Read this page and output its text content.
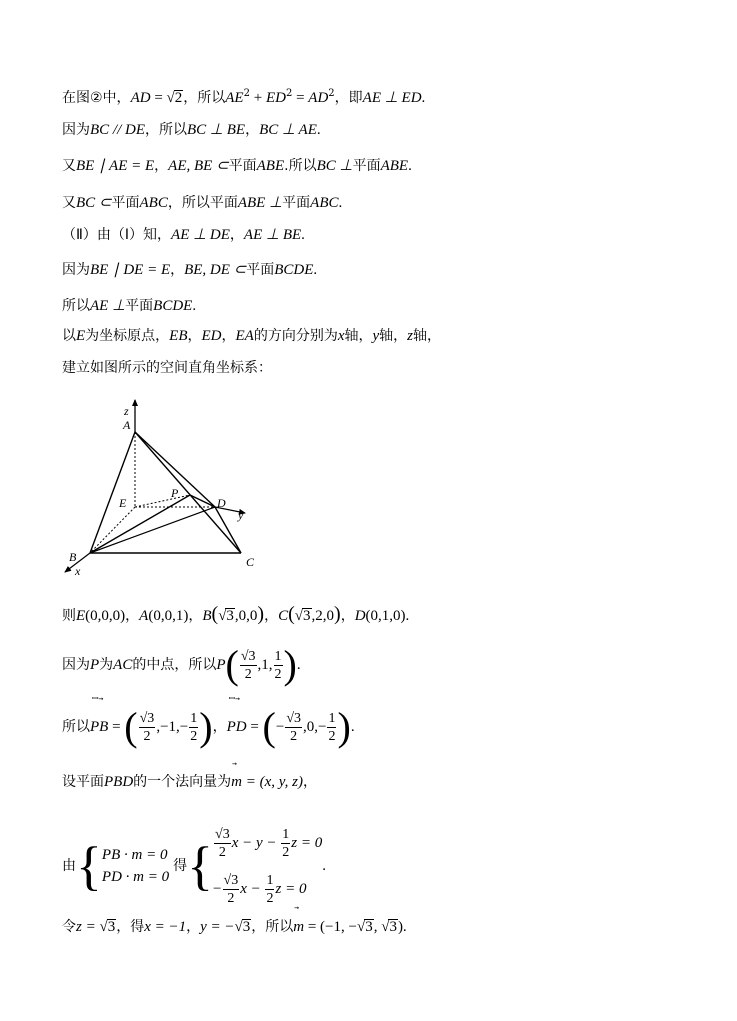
在图②中，AD = √2，所以$AE^2 + ED^2 = AD^2$，即AE ⊥ ED.
因为BC // DE，所以BC ⊥ BE，BC ⊥ AE.
又BE ∣ AE = E，AE, BE ⊂平面ABE.所以BC ⊥平面ABE.
又BC ⊂平面ABC，所以平面ABE ⊥平面ABC.
（Ⅱ）由（Ⅰ）知，AE ⊥ DE，AE ⊥ BE.
因为BE ∣ DE = E，BE, DE ⊂平面BCDE.
所以AE ⊥平面BCDE.
以E为坐标原点，EB，ED，EA的方向分别为x轴，y轴，z轴，
建立如图所示的空间直角坐标系：
z
A
E
P
D
y
B
x
C
则E(0,0,0)，A(0,0,1)，B(√3,0,0)，C(√3,2,0)，D(0,1,0).
因为P为AC的中点，所以$P( \frac{√3}{2} ,1$, $\frac{1}{2}$ ).
所以
ꟷ→
PB = ( $\frac{√3}{2} ,-1,- \frac{1}{2}$ )，
ꟷ→
PD = (− $\frac{√3}{2} ,0,- \frac{1}{2}$ ).
设平面PBD的一个法向量为
→
m = (x, y, z)，
由{ PB · m = 0
PD · m = 0
得{ $\frac{√3}{2}$ $x - y - \frac{1}{2}$ z = 0
− $\frac{√3}{2}$ $x - \frac{1}{2}$ z = 0
.
令z = √3，得x = −1，y = −√3，所以
→
m = (−1, −√3, √3).
